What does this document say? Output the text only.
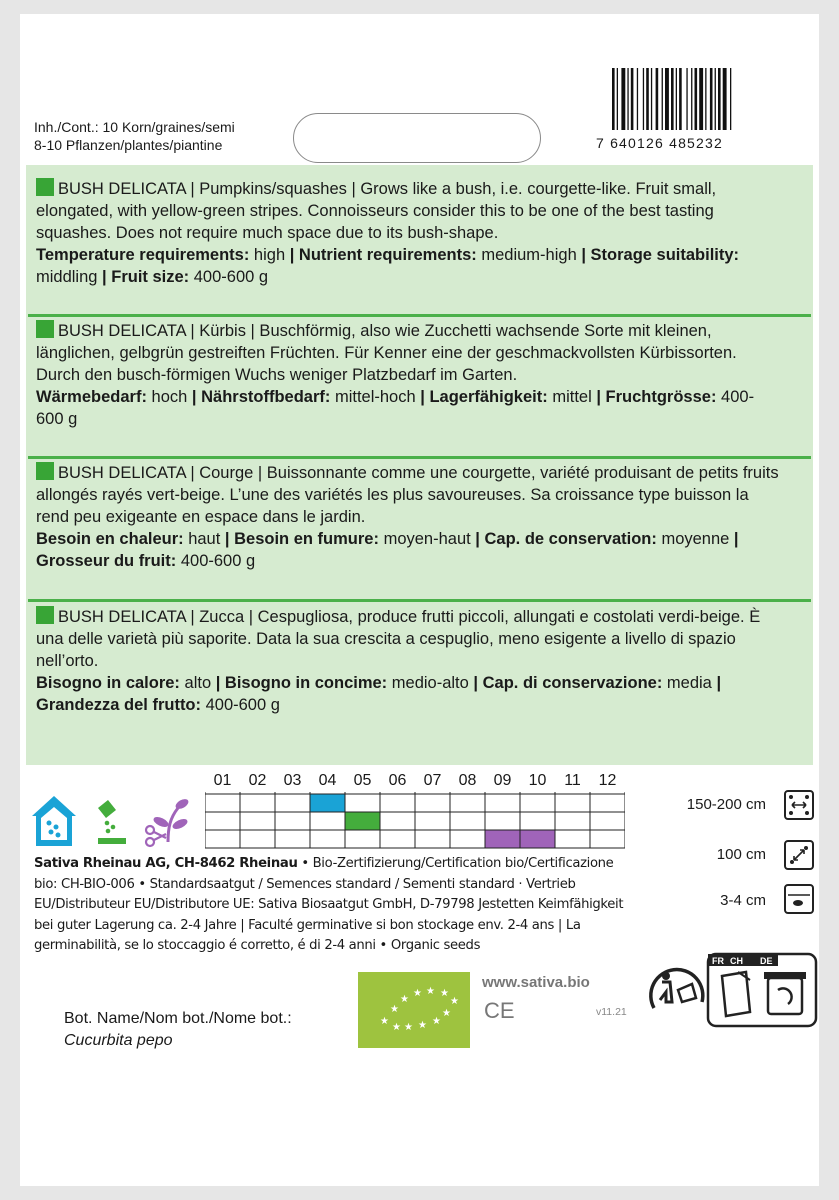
Inh./Cont.: 10 Korn/graines/semi
8-10 Pflanzen/plantes/piantine	7 640126 485232
BUSH DELICATA | Pumpkins/squashes | Grows like a bush, i.e. courgette-like. Fruit small, elongated, with yellow-green stripes. Connoisseurs consider this to be one of the best tasting squashes. Does not require much space due to its bush-shape.
Temperature requirements: high | Nutrient requirements: medium-high | Storage suitability: middling | Fruit size: 400-600 g
BUSH DELICATA | Kürbis | Buschförmig, also wie Zucchetti wachsende Sorte mit kleinen, länglichen, gelbgrün gestreiften Früchten. Für Kenner eine der geschmackvollsten Kürbissorten. Durch den busch-förmigen Wuchs weniger Platzbedarf im Garten.
Wärmebedarf: hoch | Nährstoffbedarf: mittel-hoch | Lagerfähigkeit: mittel | Fruchtgrösse: 400-600 g
BUSH DELICATA | Courge | Buissonnante comme une courgette, variété produisant de petits fruits allongés rayés vert-beige. L’une des variétés les plus savoureuses. Sa croissance type buisson la rend peu exigeante en espace dans le jardin.
Besoin en chaleur: haut | Besoin en fumure: moyen-haut | Cap. de conservation: moyenne | Grosseur du fruit: 400-600 g
BUSH DELICATA | Zucca | Cespugliosa, produce frutti piccoli, allungati e costolati verdi-beige. È una delle varietà più saporite. Data la sua crescita a cespuglio, meno esigente a livello di spazio nell’orto.
Bisogno in calore: alto | Bisogno in concime: medio-alto | Cap. di conservazione: media | Grandezza del frutto: 400-600 g
01	02	03	04	05	06	07	08	09	10	11	12
150-200 cm
100 cm
3-4 cm
Sativa Rheinau AG, CH-8462 Rheinau • Bio-Zertifizierung/Certification bio/Certificazione bio: CH-BIO-006 • Standardsaatgut / Semences standard / Sementi standard · Vertrieb EU/Distributeur EU/Distributore UE: Sativa Biosaatgut GmbH, D-79798 Jestetten Keimfähigkeit bei guter Lagerung ca. 2-4 Jahre | Faculté germinative si bon stockage env. 2-4 ans | La germinabilità, se lo stoccaggio é corretto, é di 2-4 anni • Organic seeds
★
★
★
★ ★ ★
★
★
★
★
★
★
www.sativa.bio
CE	v11.21
FR CH DE
Bot. Name/Nom bot./Nome bot.:
Cucurbita pepo
